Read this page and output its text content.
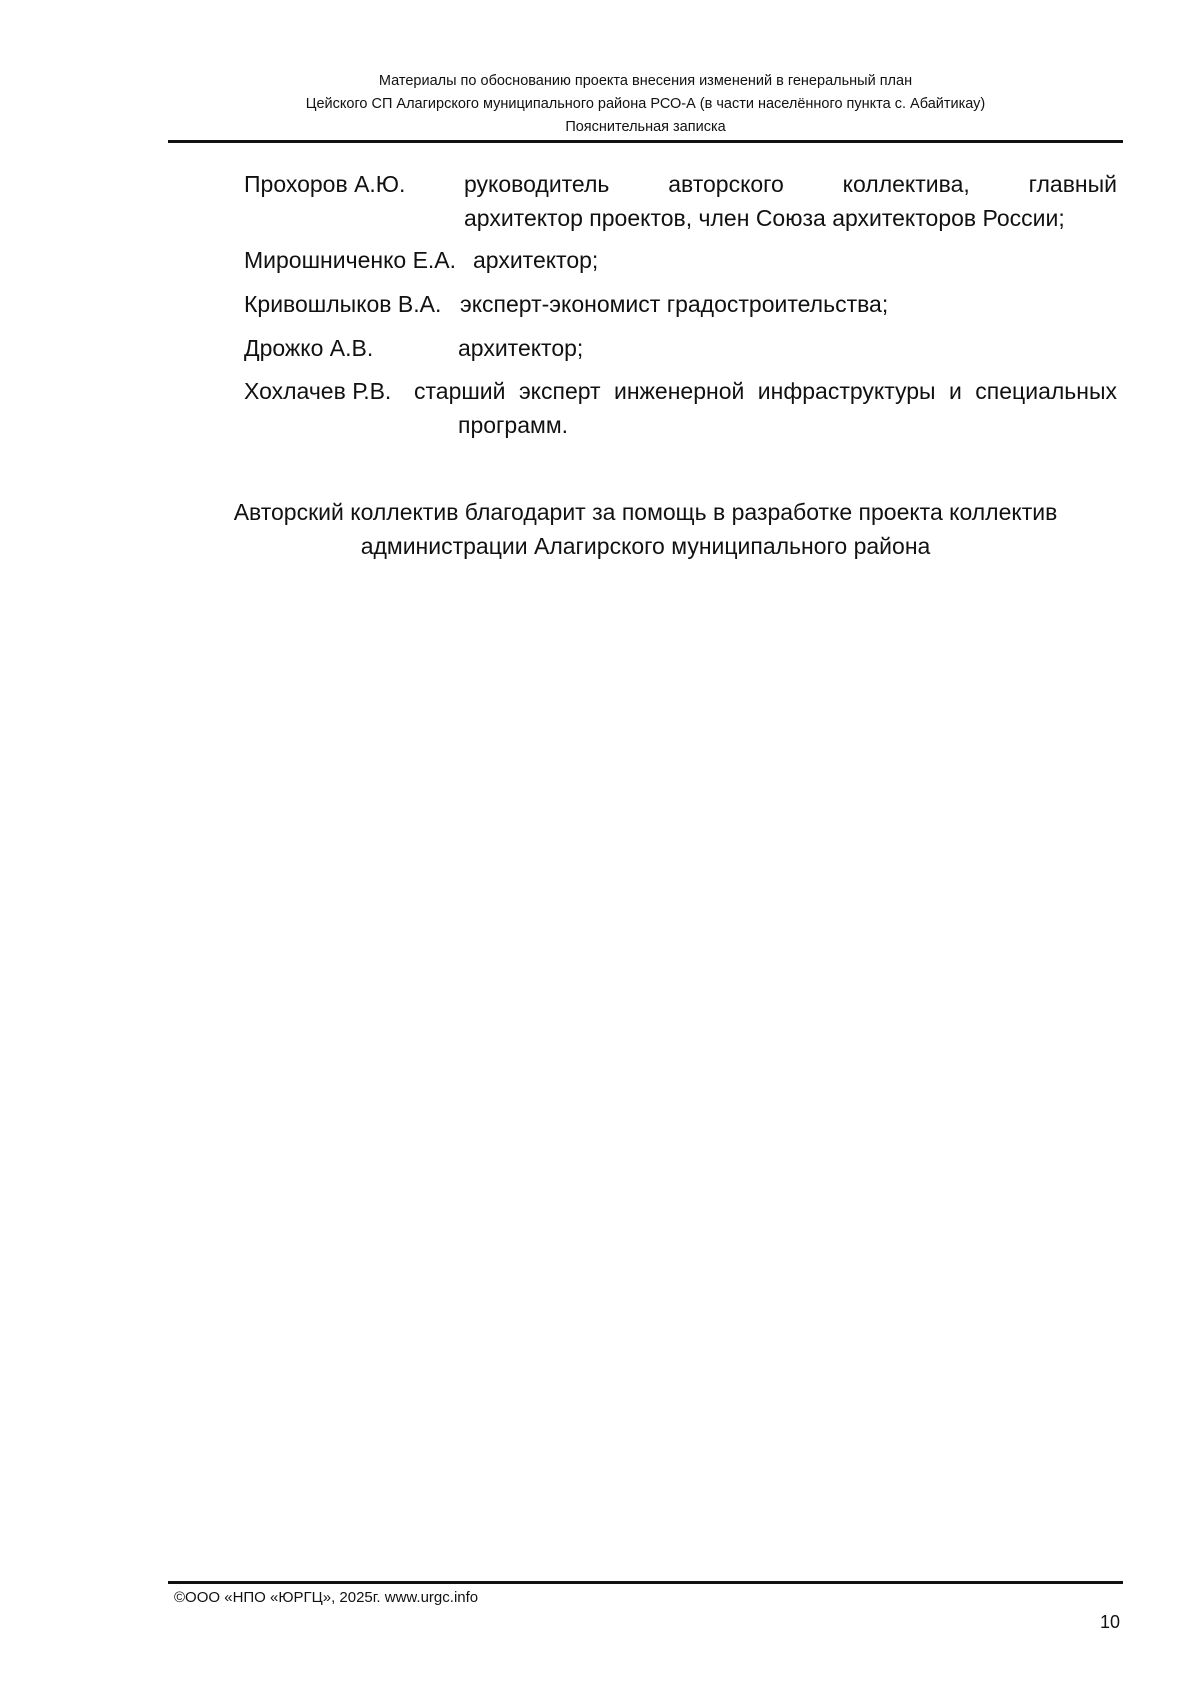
Материалы по обоснованию проекта внесения изменений в генеральный план
Цейского СП Алагирского муниципального района РСО-А (в части населённого пункта с. Абайтикау)
Пояснительная записка
Прохоров А.Ю.	руководитель авторского коллектива, главный
архитектор проектов, член Союза архитекторов России;
Мирошниченко Е.А. архитектор;
Кривошлыков В.А. эксперт-экономист градостроительства;
Дрожко А.В.	архитектор;
Хохлачев Р.В. старший эксперт инженерной инфраструктуры и специальных
программ.
Авторский коллектив благодарит за помощь в разработке проекта коллектив
администрации Алагирского муниципального района
©ООО «НПО «ЮРГЦ», 2025г. www.urgc.info
10
